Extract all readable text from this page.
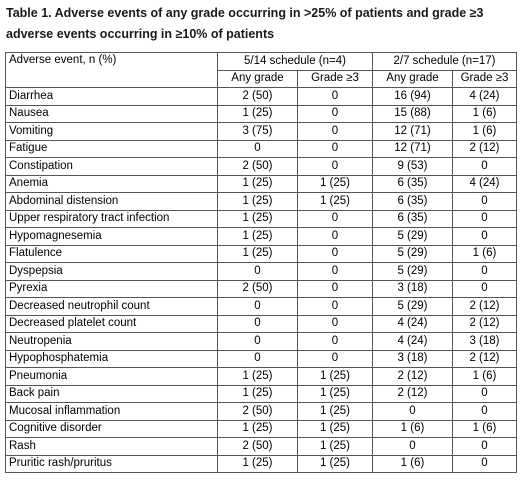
Table 1. Adverse events of any grade occurring in >25% of patients and grade ≥3
adverse events occurring in ≥10% of patients
Adverse event, n (%)	5/14 schedule (n=4)		2/7 schedule (n=17)	
	Any grade	Grade ≥3	Any grade	Grade ≥3
Diarrhea	2 (50)	0	16 (94)	4 (24)
Nausea	1 (25)	0	15 (88)	1 (6)
Vomiting	3 (75)	0	12 (71)	1 (6)
Fatigue	0	0	12 (71)	2 (12)
Constipation	2 (50)	0	9 (53)	0
Anemia	1 (25)	1 (25)	6 (35)	4 (24)
Abdominal distension	1 (25)	1 (25)	6 (35)	0
Upper respiratory tract infection	1 (25)	0	6 (35)	0
Hypomagnesemia	1 (25)	0	5 (29)	0
Flatulence	1 (25)	0	5 (29)	1 (6)
Dyspepsia	0	0	5 (29)	0
Pyrexia	2 (50)	0	3 (18)	0
Decreased neutrophil count	0	0	5 (29)	2 (12)
Decreased platelet count	0	0	4 (24)	2 (12)
Neutropenia	0	0	4 (24)	3 (18)
Hypophosphatemia	0	0	3 (18)	2 (12)
Pneumonia	1 (25)	1 (25)	2 (12)	1 (6)
Back pain	1 (25)	1 (25)	2 (12)	0
Mucosal inflammation	2 (50)	1 (25)	0	0
Cognitive disorder	1 (25)	1 (25)	1 (6)	1 (6)
Rash	2 (50)	1 (25)	0	0
Pruritic rash/pruritus	1 (25)	1 (25)	1 (6)	0
